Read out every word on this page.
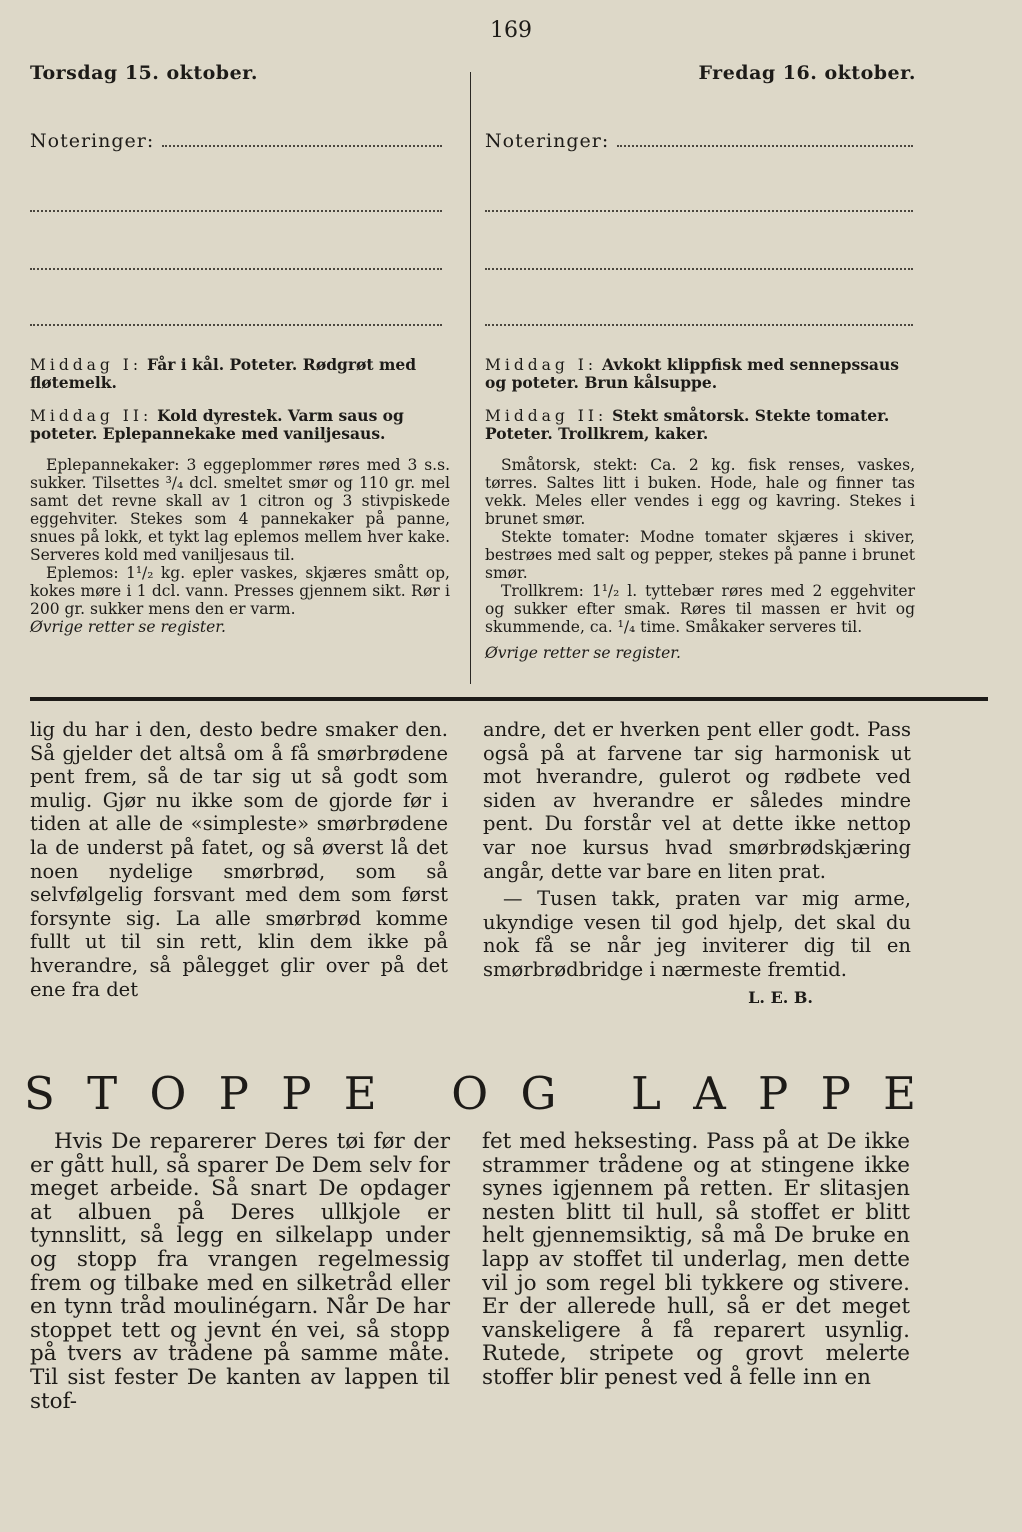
169
Torsdag 15. oktober.	Fredag 16. oktober.
Noteringer:	Noteringer:

Middag I: Får i kål. Poteter. Rødgrøt med fløtemelk.

Middag II: Kold dyrestek. Varm saus og poteter. Eplepannekake med vaniljesaus.

Eplepannekaker: 3 eggeplommer røres med 3 s.s. sukker. Tilsettes ³/₄ dcl. smeltet smør og 110 gr. mel samt det revne skall av 1 citron og 3 stivpiskede eggehviter. Stekes som 4 pannekaker på panne, snues på lokk, et tykt lag eplemos mellem hver kake. Serveres kold med vaniljesaus til.

Eplemos: 1¹/₂ kg. epler vaskes, skjæres smått op, kokes møre i 1 dcl. vann. Presses gjennem sikt. Rør i 200 gr. sukker mens den er varm.

Øvrige retter se register.

Middag I: Avkokt klippfisk med sennepssaus og poteter. Brun kålsuppe.

Middag II: Stekt småtorsk. Stekte tomater. Poteter. Trollkrem, kaker.

Småtorsk, stekt: Ca. 2 kg. fisk renses, vaskes, tørres. Saltes litt i buken. Hode, hale og finner tas vekk. Meles eller vendes i egg og kavring. Stekes i brunet smør.

Stekte tomater: Modne tomater skjæres i skiver, bestrøes med salt og pepper, stekes på panne i brunet smør.

Trollkrem: 1¹/₂ l. tyttebær røres med 2 eggehviter og sukker efter smak. Røres til massen er hvit og skummende, ca. ¹/₄ time. Småkaker serveres til.

Øvrige retter se register.

lig du har i den, desto bedre smaker den. Så gjelder det altså om å få smørbrødene pent frem, så de tar sig ut så godt som mulig. Gjør nu ikke som de gjorde før i tiden at alle de «simpleste» smørbrødene la de underst på fatet, og så øverst lå det noen nydelige smørbrød, som så selvfølgelig forsvant med dem som først forsynte sig. La alle smørbrød komme fullt ut til sin rett, klin dem ikke på hverandre, så pålegget glir over på det ene fra det

andre, det er hverken pent eller godt. Pass også på at farvene tar sig harmonisk ut mot hverandre, gulerot og rødbete ved siden av hverandre er således mindre pent. Du forstår vel at dette ikke nettop var noe kursus hvad smørbrødskjæring angår, dette var bare en liten prat.

— Tusen takk, praten var mig arme, ukyndige vesen til god hjelp, det skal du nok få se når jeg inviterer dig til en smørbrødbridge i nærmeste fremtid.

L. E. B.
S T O P P E O G L A P P E

Hvis De reparerer Deres tøi før der er gått hull, så sparer De Dem selv for meget arbeide. Så snart De opdager at albuen på Deres ullkjole er tynnslitt, så legg en silkelapp under og stopp fra vrangen regelmessig frem og tilbake med en silketråd eller en tynn tråd moulinégarn. Når De har stoppet tett og jevnt én vei, så stopp på tvers av trådene på samme måte. Til sist fester De kanten av lappen til stof-

fet med heksesting. Pass på at De ikke strammer trådene og at stingene ikke synes igjennem på retten. Er slitasjen nesten blitt til hull, så stoffet er blitt helt gjennemsiktig, så må De bruke en lapp av stoffet til underlag, men dette vil jo som regel bli tykkere og stivere. Er der allerede hull, så er det meget vanskeligere å få reparert usynlig. Rutede, stripete og grovt melerte stoffer blir penest ved å felle inn en
